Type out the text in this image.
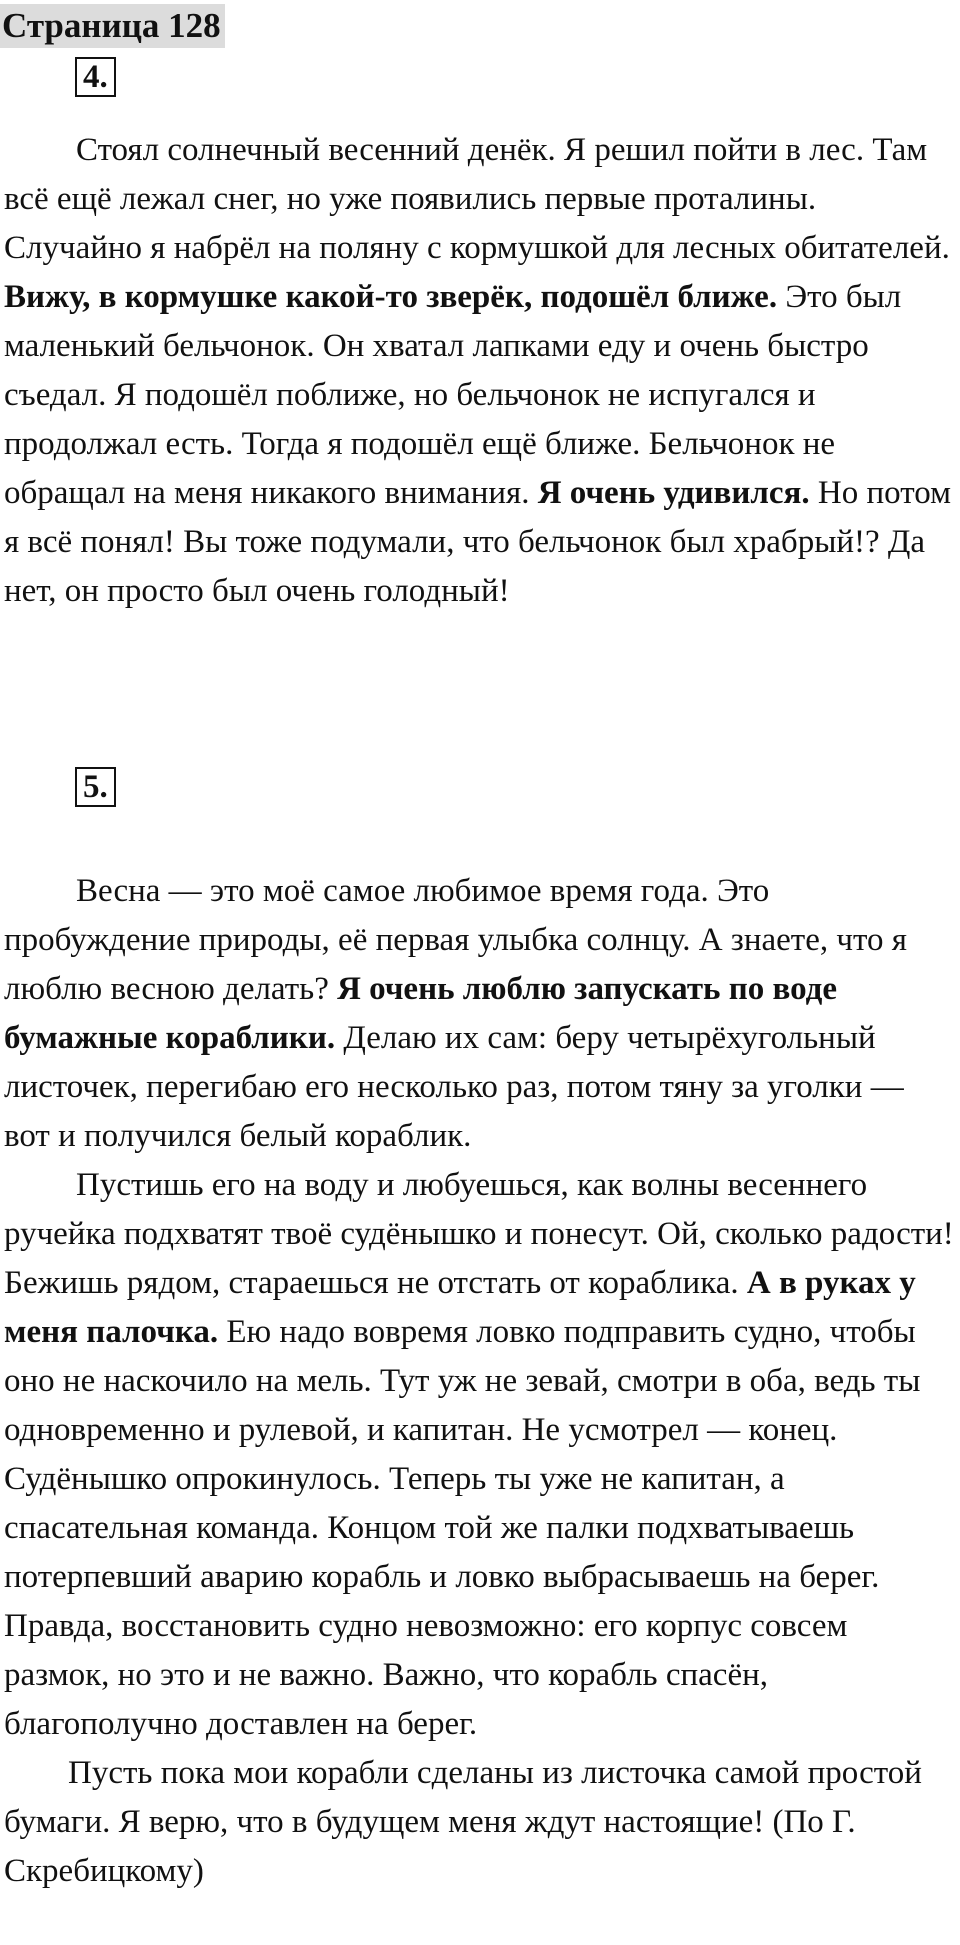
Страница 128
4.

Стоял солнечный весенний денёк. Я решил пойти в лес. Там всё ещё лежал снег, но уже появились первые проталины. Случайно я набрёл на поляну с кормушкой для лесных обитателей. Вижу, в кормушке какой-то зверёк, подошёл ближе. Это был маленький бельчонок. Он хватал лапками еду и очень быстро съедал. Я подошёл поближе, но бельчонок не испугался и продолжал есть. Тогда я подошёл ещё ближе. Бельчонок не обращал на меня никакого внимания. Я очень удивился. Но потом я всё понял! Вы тоже подумали, что бельчонок был храбрый!? Да нет, он просто был очень голодный!

5.

Весна — это моё самое любимое время года. Это пробуждение природы, её первая улыбка солнцу. А знаете, что я люблю весною делать? Я очень люблю запускать по воде бумажные кораблики. Делаю их сам: беру четырёхугольный листочек, перегибаю его несколько раз, потом тяну за уголки — вот и получился белый кораблик.

Пустишь его на воду и любуешься, как волны весеннего ручейка подхватят твоё судёнышко и понесут. Ой, сколько радости! Бежишь рядом, стараешься не отстать от кораблика. А в руках у меня палочка. Ею надо вовремя ловко подправить судно, чтобы оно не наскочило на мель. Тут уж не зевай, смотри в оба, ведь ты одновременно и рулевой, и капитан. Не усмотрел — конец. Судёнышко опрокинулось. Теперь ты уже не капитан, а спасательная команда. Концом той же палки подхватываешь потерпевший аварию корабль и ловко выбрасываешь на берег. Правда, восстановить судно невозможно: его корпус совсем размок, но это и не важно. Важно, что корабль спасён, благополучно доставлен на берег.

Пусть пока мои корабли сделаны из листочка самой простой бумаги. Я верю, что в будущем меня ждут настоящие! (По Г. Скребицкому)
